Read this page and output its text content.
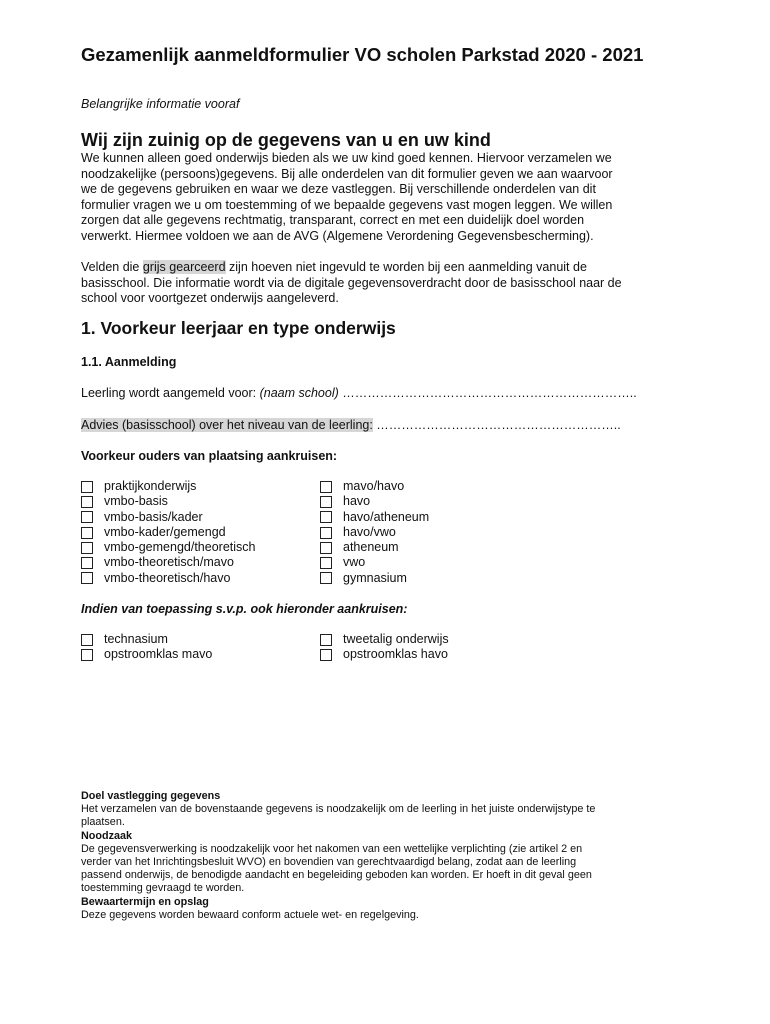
Gezamenlijk aanmeldformulier VO scholen Parkstad 2020 - 2021
Belangrijke informatie vooraf
Wij zijn zuinig op de gegevens van u en uw kind
We kunnen alleen goed onderwijs bieden als we uw kind goed kennen. Hiervoor verzamelen we
noodzakelijke (persoons)gegevens. Bij alle onderdelen van dit formulier geven we aan waarvoor
we de gegevens gebruiken en waar we deze vastleggen. Bij verschillende onderdelen van dit
formulier vragen we u om toestemming of we bepaalde gegevens vast mogen leggen. We willen
zorgen dat alle gegevens rechtmatig, transparant, correct en met een duidelijk doel worden
verwerkt. Hiermee voldoen we aan de AVG (Algemene Verordening Gegevensbescherming).
Velden die grijs gearceerd zijn hoeven niet ingevuld te worden bij een aanmelding vanuit de
basisschool. Die informatie wordt via de digitale gegevensoverdracht door de basisschool naar de
school voor voortgezet onderwijs aangeleverd.
1. Voorkeur leerjaar en type onderwijs
1.1. Aanmelding
Leerling wordt aangemeld voor: (naam school) ……………………………………………………………..
Advies (basisschool) over het niveau van de leerling: …………………………………………………..
Voorkeur ouders van plaatsing aankruisen:
praktijkonderwijs
vmbo-basis
vmbo-basis/kader
vmbo-kader/gemengd
vmbo-gemengd/theoretisch
vmbo-theoretisch/mavo
vmbo-theoretisch/havo
mavo/havo
havo
havo/atheneum
havo/vwo
atheneum
vwo
gymnasium
Indien van toepassing s.v.p. ook hieronder aankruisen:
technasium
opstroomklas mavo
tweetalig onderwijs
opstroomklas havo
Doel vastlegging gegevens
Het verzamelen van de bovenstaande gegevens is noodzakelijk om de leerling in het juiste onderwijstype te
plaatsen.
Noodzaak
De gegevensverwerking is noodzakelijk voor het nakomen van een wettelijke verplichting (zie artikel 2 en
verder van het Inrichtingsbesluit WVO) en bovendien van gerechtvaardigd belang, zodat aan de leerling
passend onderwijs, de benodigde aandacht en begeleiding geboden kan worden. Er hoeft in dit geval geen
toestemming gevraagd te worden.
Bewaartermijn en opslag
Deze gegevens worden bewaard conform actuele wet- en regelgeving.
